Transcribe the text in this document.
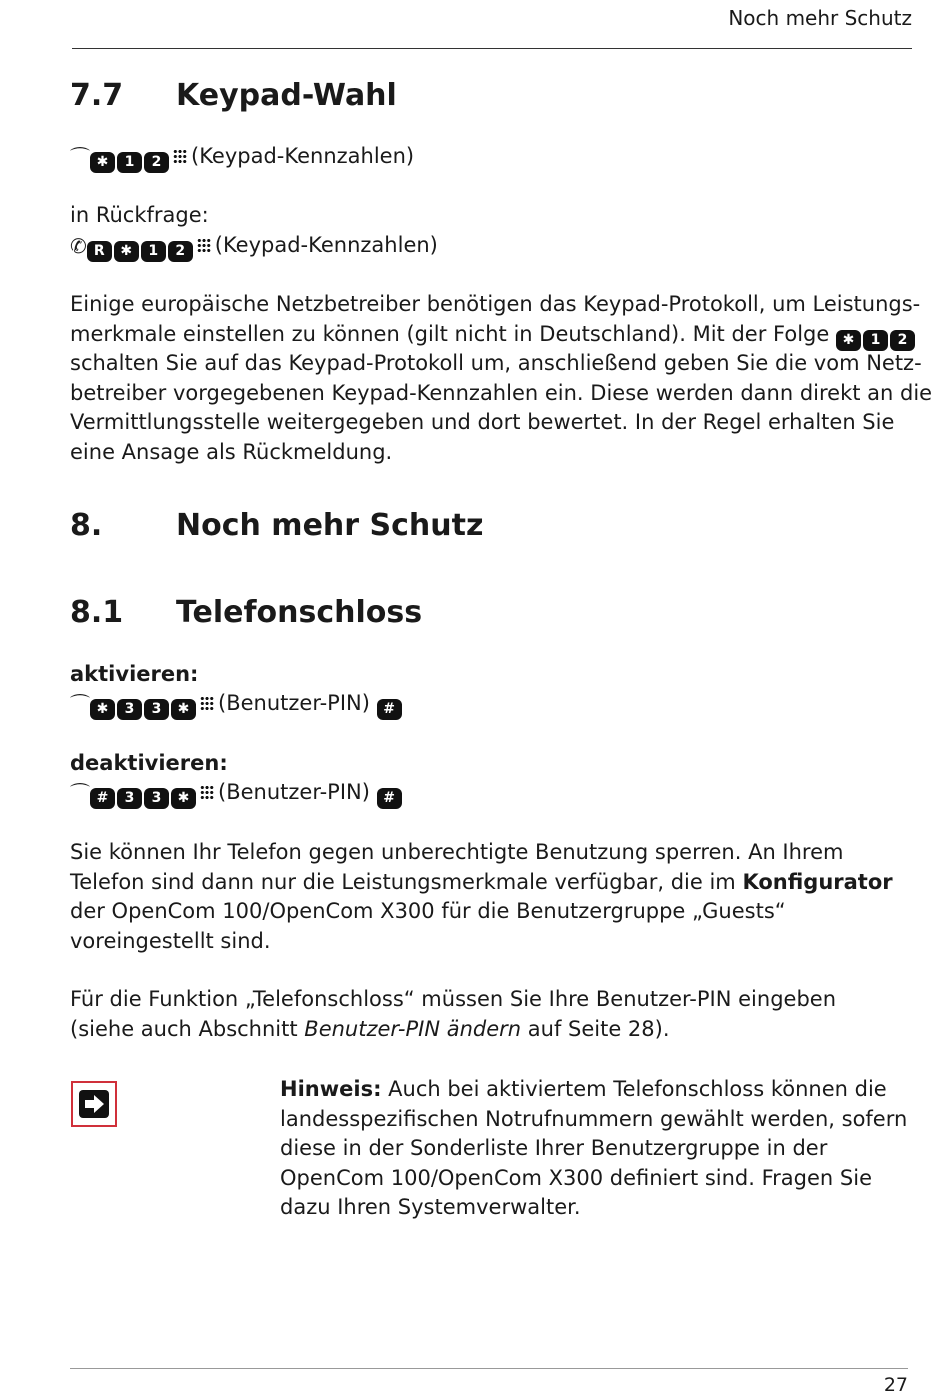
Noch mehr Schutz
7.7 Keypad-Wahl
⌒ ✱ 1 2 (Keypad-Kennzahlen)
in Rückfrage:
✆ R ✱ 1 2 (Keypad-Kennzahlen)
Einige europäische Netzbetreiber benötigen das Keypad-Protokoll, um Leistungs-
merkmale einstellen zu können (gilt nicht in Deutschland). Mit der Folge ✱ 1 2
schalten Sie auf das Keypad-Protokoll um, anschließend geben Sie die vom Netz-
betreiber vorgegebenen Keypad-Kennzahlen ein. Diese werden dann direkt an die
Vermittlungsstelle weitergegeben und dort bewertet. In der Regel erhalten Sie
eine Ansage als Rückmeldung.
8. Noch mehr Schutz
8.1 Telefonschloss
aktivieren:
⌒ ✱ 3 3 ✱ (Benutzer-PIN) #
deaktivieren:
⌒ # 3 3 ✱ (Benutzer-PIN) #
Sie können Ihr Telefon gegen unberechtigte Benutzung sperren. An Ihrem Telefon sind dann nur die Leistungsmerkmale verfügbar, die im Konfigurator der OpenCom 100/OpenCom X300 für die Benutzergruppe „Guests“ voreingestellt sind.
Für die Funktion „Telefonschloss“ müssen Sie Ihre Benutzer-PIN eingeben (siehe auch Abschnitt Benutzer-PIN ändern auf Seite 28).
Hinweis: Auch bei aktiviertem Telefonschloss können die landesspezifischen Notrufnummern gewählt werden, sofern diese in der Sonderliste Ihrer Benutzergruppe in der OpenCom 100/OpenCom X300 definiert sind. Fragen Sie dazu Ihren Systemverwalter.
27
